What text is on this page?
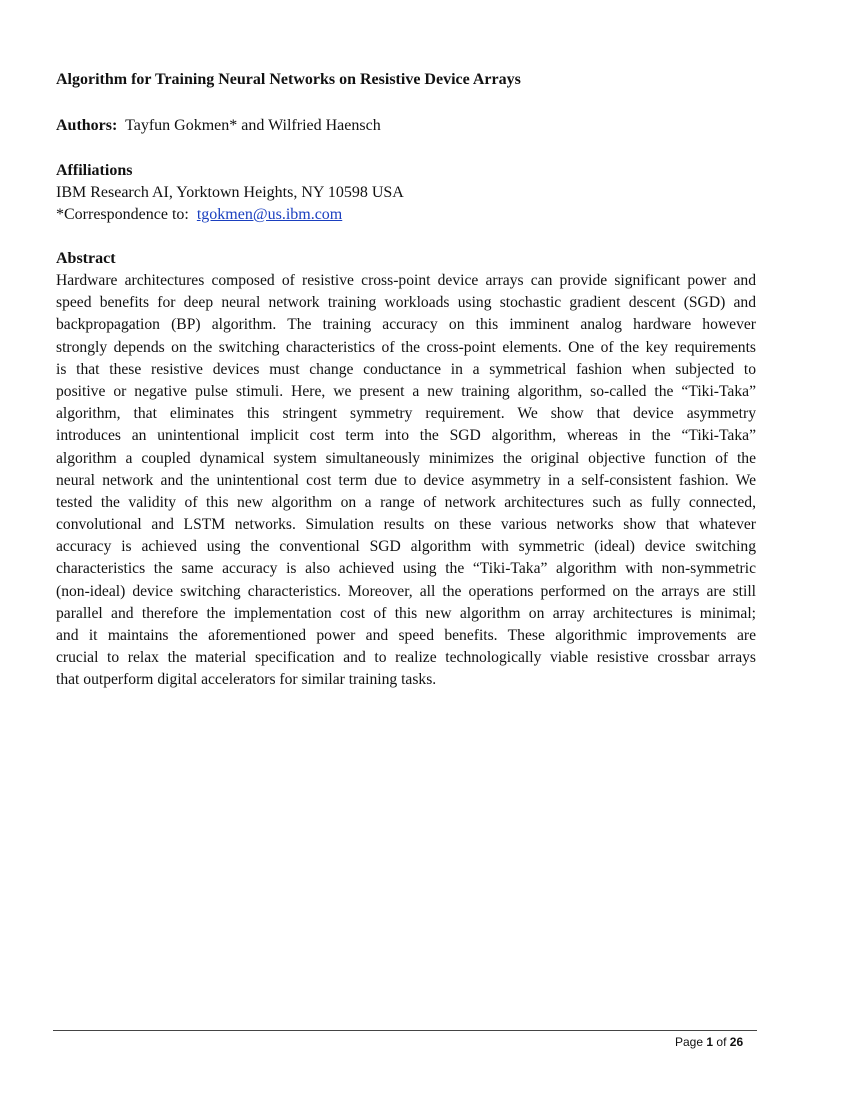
Algorithm for Training Neural Networks on Resistive Device Arrays
Authors: Tayfun Gokmen* and Wilfried Haensch
Affiliations
IBM Research AI, Yorktown Heights, NY 10598 USA
*Correspondence to: tgokmen@us.ibm.com
Abstract
Hardware architectures composed of resistive cross-point device arrays can provide significant power and
speed benefits for deep neural network training workloads using stochastic gradient descent (SGD) and
backpropagation (BP) algorithm. The training accuracy on this imminent analog hardware however
strongly depends on the switching characteristics of the cross-point elements. One of the key requirements
is that these resistive devices must change conductance in a symmetrical fashion when subjected to
positive or negative pulse stimuli. Here, we present a new training algorithm, so-called the “Tiki-Taka”
algorithm, that eliminates this stringent symmetry requirement. We show that device asymmetry
introduces an unintentional implicit cost term into the SGD algorithm, whereas in the “Tiki-Taka”
algorithm a coupled dynamical system simultaneously minimizes the original objective function of the
neural network and the unintentional cost term due to device asymmetry in a self-consistent fashion. We
tested the validity of this new algorithm on a range of network architectures such as fully connected,
convolutional and LSTM networks. Simulation results on these various networks show that whatever
accuracy is achieved using the conventional SGD algorithm with symmetric (ideal) device switching
characteristics the same accuracy is also achieved using the “Tiki-Taka” algorithm with non-symmetric
(non-ideal) device switching characteristics. Moreover, all the operations performed on the arrays are still
parallel and therefore the implementation cost of this new algorithm on array architectures is minimal;
and it maintains the aforementioned power and speed benefits. These algorithmic improvements are
crucial to relax the material specification and to realize technologically viable resistive crossbar arrays
that outperform digital accelerators for similar training tasks.
Page 1 of 26
